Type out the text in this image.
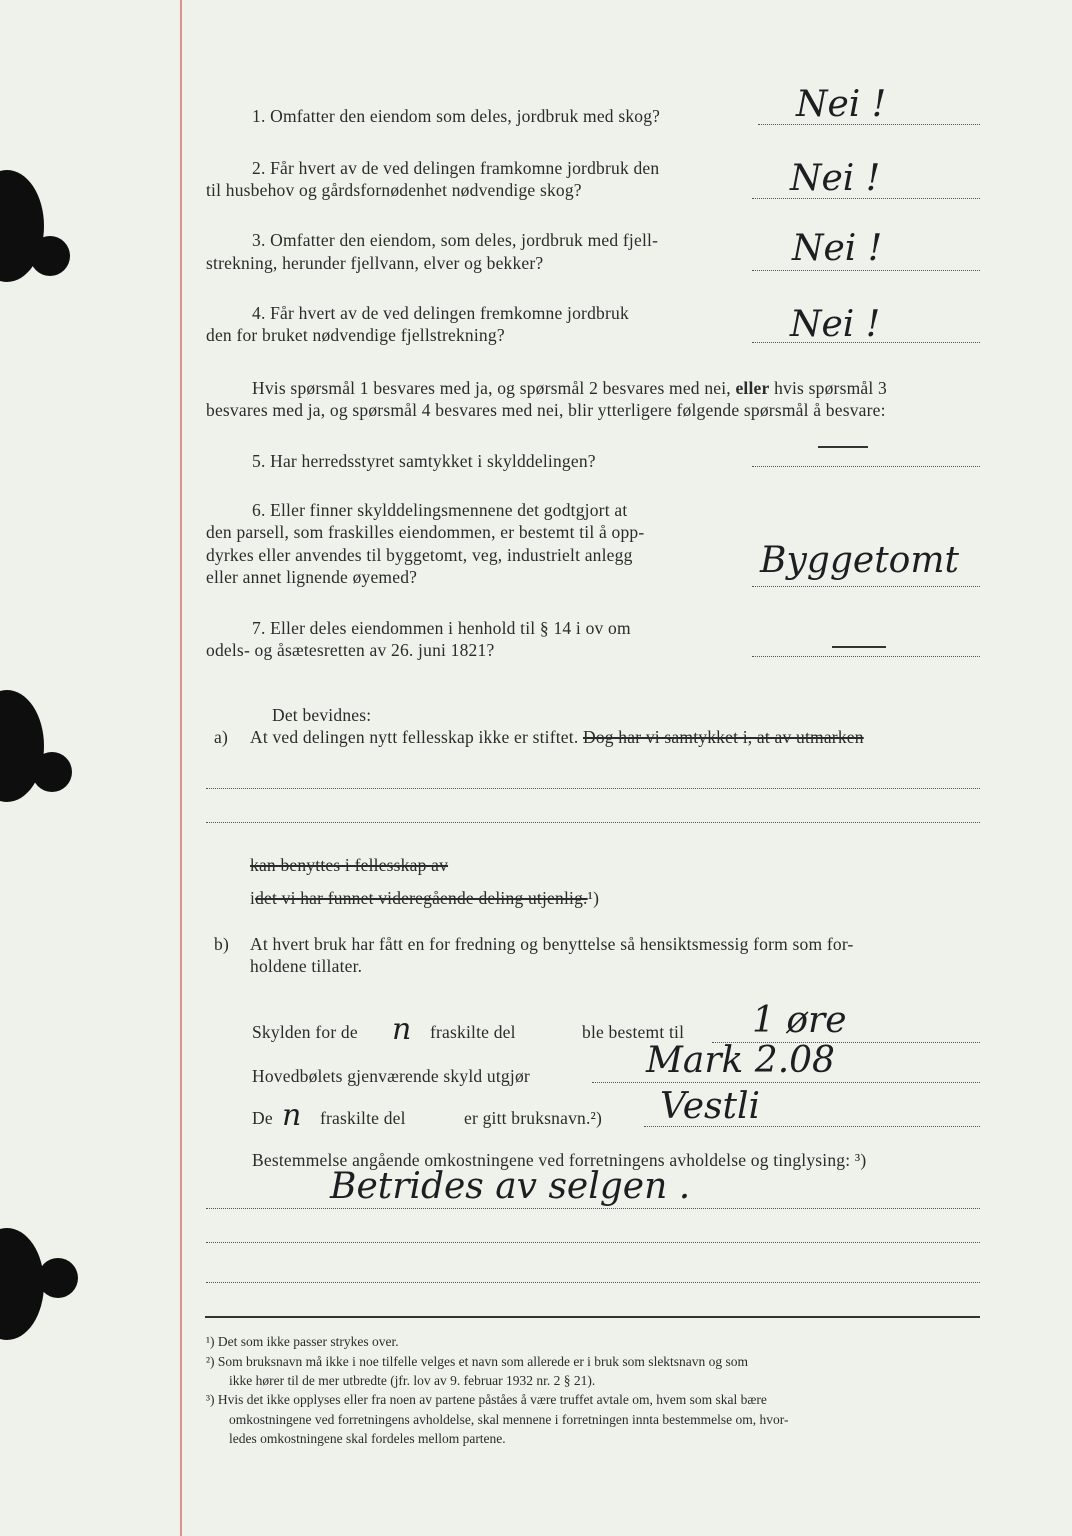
1. Omfatter den eiendom som deles, jordbruk med skog?	Nei !
2. Får hvert av de ved delingen framkomne jordbruk den
til husbehov og gårdsfornødenhet nødvendige skog?	Nei !
3. Omfatter den eiendom, som deles, jordbruk med fjell-
strekning, herunder fjellvann, elver og bekker?	Nei !
4. Får hvert av de ved delingen fremkomne jordbruk
den for bruket nødvendige fjellstrekning?	Nei !
Hvis spørsmål 1 besvares med ja, og spørsmål 2 besvares med nei, eller hvis spørsmål 3
besvares med ja, og spørsmål 4 besvares med nei, blir ytterligere følgende spørsmål å besvare:
5. Har herredsstyret samtykket i skylddelingen?
6. Eller finner skylddelingsmennene det godtgjort at
den parsell, som fraskilles eiendommen, er bestemt til å opp-
dyrkes eller anvendes til byggetomt, veg, industrielt anlegg
eller annet lignende øyemed?	Byggetomt
7. Eller deles eiendommen i henhold til § 14 i ov om
odels- og åsætesretten av 26. juni 1821?
Det bevidnes:
a) At ved delingen nytt fellesskap ikke er stiftet. Dog har vi samtykket i, at av utmarken
kan benyttes i fellesskap av
idet vi har funnet videregående deling utjenlig.¹)
b) At hvert bruk har fått en for fredning og benyttelse så hensiktsmessig form som for-
holdene tillater.
Skylden for de n fraskilte del	ble bestemt til 1 øre
Hovedbølets gjenværende skyld utgjør	Mark 2.08
De n fraskilte del	er gitt bruksnavn.²) Vestli
Bestemmelse angående omkostningene ved forretningens avholdelse og tinglysing: ³)
Betrides av selgen .
¹) Det som ikke passer strykes over.
²) Som bruksnavn må ikke i noe tilfelle velges et navn som allerede er i bruk som slektsnavn og som
ikke hører til de mer utbredte (jfr. lov av 9. februar 1932 nr. 2 § 21).
³) Hvis det ikke opplyses eller fra noen av partene påståes å være truffet avtale om, hvem som skal bære
omkostningene ved forretningens avholdelse, skal mennene i forretningen innta bestemmelse om, hvor-
ledes omkostningene skal fordeles mellom partene.
